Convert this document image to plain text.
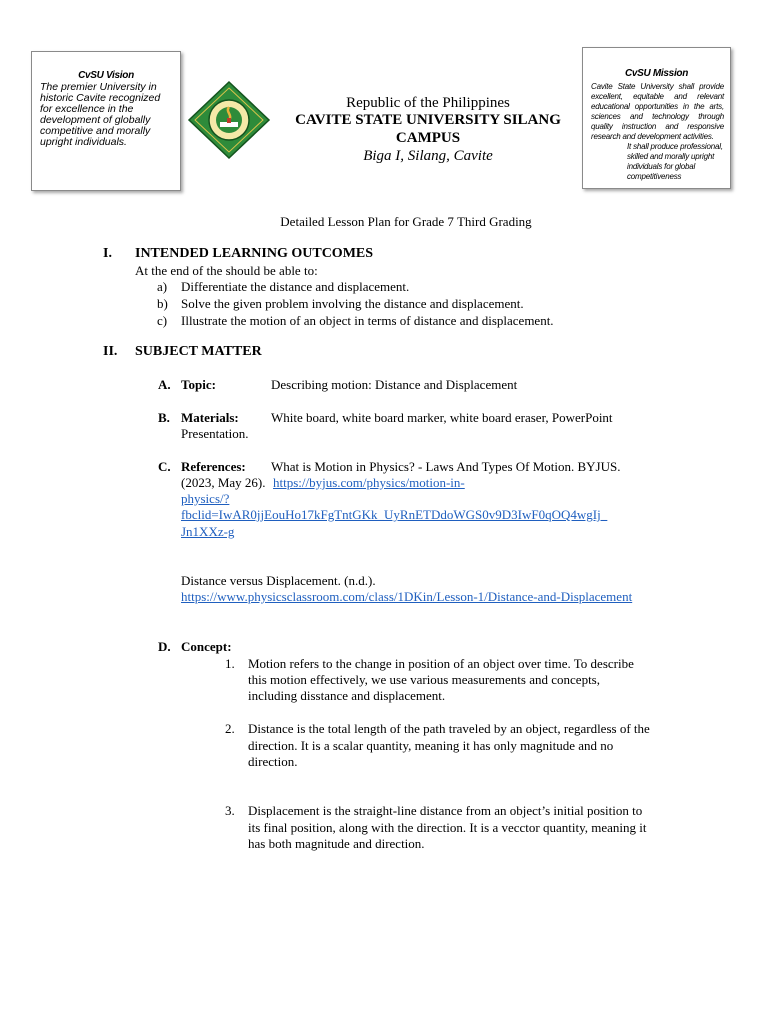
CvSU Vision
The premier University in historic Cavite recognized for excellence in the development of globally competitive and morally upright individuals.
Republic of the Philippines
CAVITE STATE UNIVERSITY SILANG
CAMPUS
Biga I, Silang, Cavite
CvSU Mission
Cavite State University shall provide excellent, equitable and relevant educational opportunities in the arts, sciences and technology through quality instruction and responsive research and development activities.
It shall produce professional, skilled and morally upright individuals for global competitiveness
Detailed Lesson Plan for Grade 7 Third Grading
I. INTENDED LEARNING OUTCOMES
At the end of the should be able to:
a) Differentiate the distance and displacement.
b) Solve the given problem involving the distance and displacement.
c) Illustrate the motion of an object in terms of distance and displacement.
II. SUBJECT MATTER
A. Topic:	Describing motion: Distance and Displacement
B. Materials: White board, white board marker, white board eraser, PowerPoint
Presentation.
C. References: What is Motion in Physics? - Laws And Types Of Motion. BYJUS.
(2023, May 26). https://byjus.com/physics/motion-in-
physics/?
fbclid=IwAR0jjEouHo17kFgTntGKk_UyRnETDdoWGS0v9D3IwF0qOQ4wgIj_
Jn1XXz-g
Distance versus Displacement. (n.d.).
https://www.physicsclassroom.com/class/1DKin/Lesson-1/Distance-and-Displacement
D. Concept:
1. Motion refers to the change in position of an object over time. To describe
this motion effectively, we use various measurements and concepts,
including disstance and displacement.
2. Distance is the total length of the path traveled by an object, regardless of the
direction. It is a scalar quantity, meaning it has only magnitude and no
direction.
3. Displacement is the straight-line distance from an object’s initial position to
its final position, along with the direction. It is a vecctor quantity, meaning it
has both magnitude and direction.
